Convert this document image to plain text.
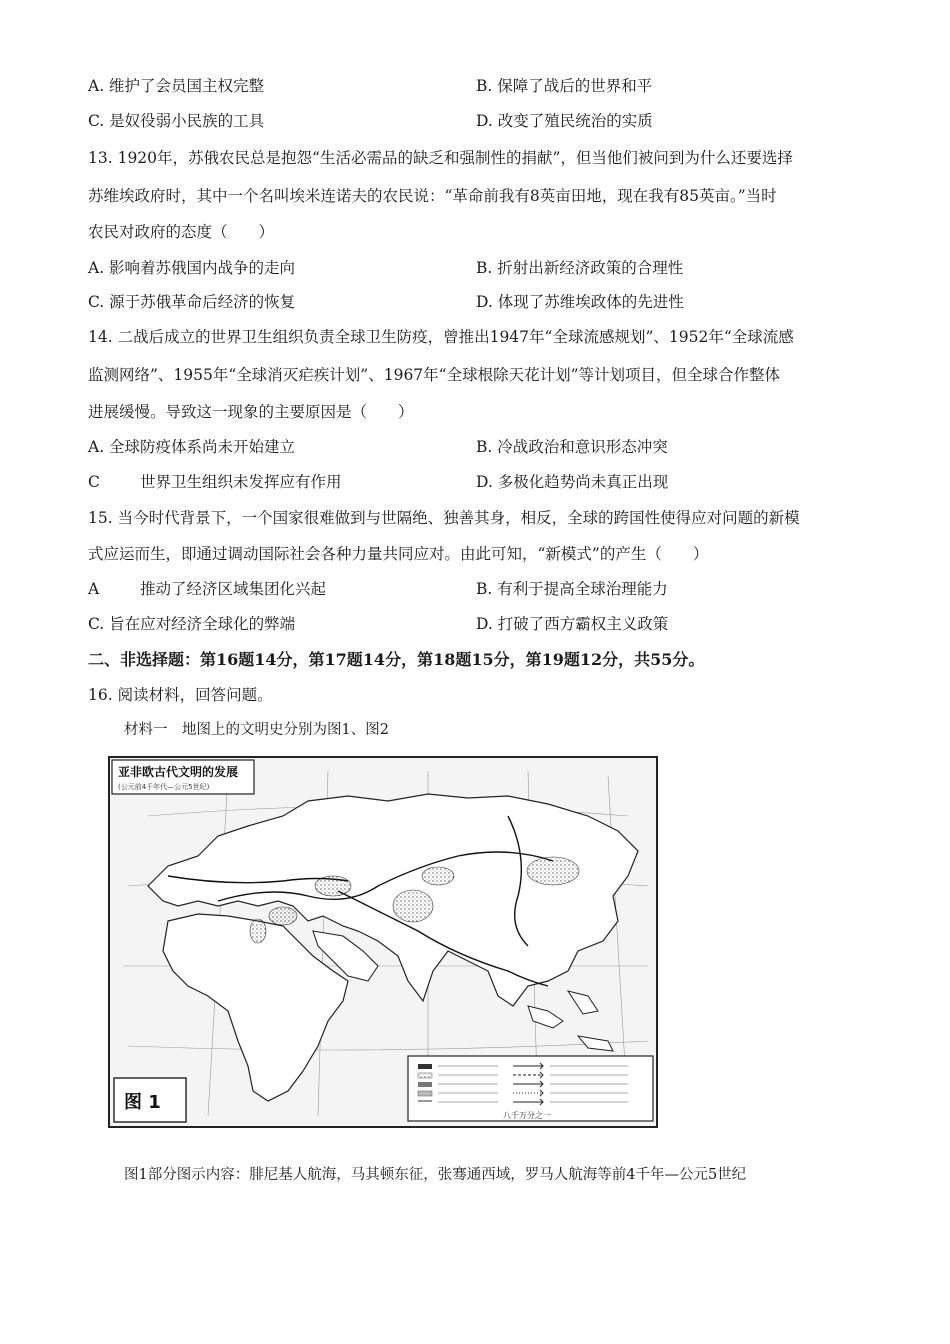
A. 维护了会员国主权完整	B. 保障了战后的世界和平
C. 是奴役弱小民族的工具	D. 改变了殖民统治的实质
13. 1920年，苏俄农民总是抱怨“生活必需品的缺乏和强制性的捐献”，但当他们被问到为什么还要选择
苏维埃政府时，其中一个名叫埃米连诺夫的农民说：“革命前我有8英亩田地，现在我有85英亩。”当时
农民对政府的态度（　　）
A. 影响着苏俄国内战争的走向	B. 折射出新经济政策的合理性
C. 源于苏俄革命后经济的恢复	D. 体现了苏维埃政体的先进性
14. 二战后成立的世界卫生组织负责全球卫生防疫，曾推出1947年“全球流感规划”、1952年“全球流感
监测网络”、1955年“全球消灭疟疾计划”、1967年“全球根除天花计划”等计划项目，但全球合作整体
进展缓慢。导致这一现象的主要原因是（　　）
A. 全球防疫体系尚未开始建立	B. 冷战政治和意识形态冲突
C	世界卫生组织未发挥应有作用	D. 多极化趋势尚未真正出现
15. 当今时代背景下，一个国家很难做到与世隔绝、独善其身，相反，全球的跨国性使得应对问题的新模
式应运而生，即通过调动国际社会各种力量共同应对。由此可知，“新模式”的产生（　　）
A	推动了经济区域集团化兴起	B. 有利于提高全球治理能力
C. 旨在应对经济全球化的弊端	D. 打破了西方霸权主义政策
二、非选择题：第16题14分，第17题14分，第18题15分，第19题12分，共55分。
16. 阅读材料，回答问题。
材料一　地图上的文明史分别为图1、图2
亚非欧古代文明的发展
(公元前4千年代—公元5世纪)
图 1
八千万分之一
图1部分图示内容：腓尼基人航海，马其顿东征，张骞通西域，罗马人航海等前4千年—公元5世纪
